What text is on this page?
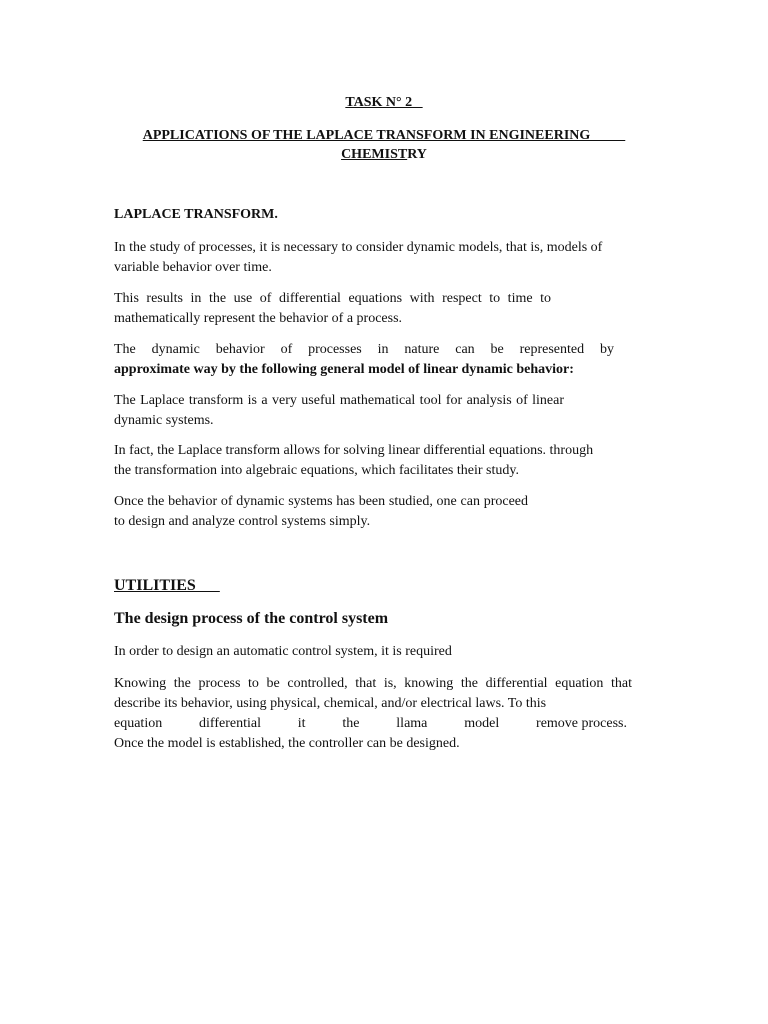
TASK N° 2
APPLICATIONS OF THE LAPLACE TRANSFORM IN ENGINEERING
CHEMISTRY
LAPLACE TRANSFORM.

In the study of processes, it is necessary to consider dynamic models, that is, models of variable behavior over time.

This results in the use of differential equations with respect to time to mathematically represent the behavior of a process.

The dynamic behavior of processes in nature can be represented by
approximate way by the following general model of linear dynamic behavior:

The Laplace transform is a very useful mathematical tool for analysis of linear dynamic systems.

In fact, the Laplace transform allows for solving linear differential equations. through the transformation into algebraic equations, which facilitates their study.

Once the behavior of dynamic systems has been studied, one can proceed to design and analyze control systems simply.

UTILITIES
The design process of the control system

In order to design an automatic control system, it is required

Knowing the process to be controlled, that is, knowing the differential equation that describe its behavior, using physical, chemical, and/or electrical laws. To this
equation	differential	it	the	llama	model	remove process.
Once the model is established, the controller can be designed.
